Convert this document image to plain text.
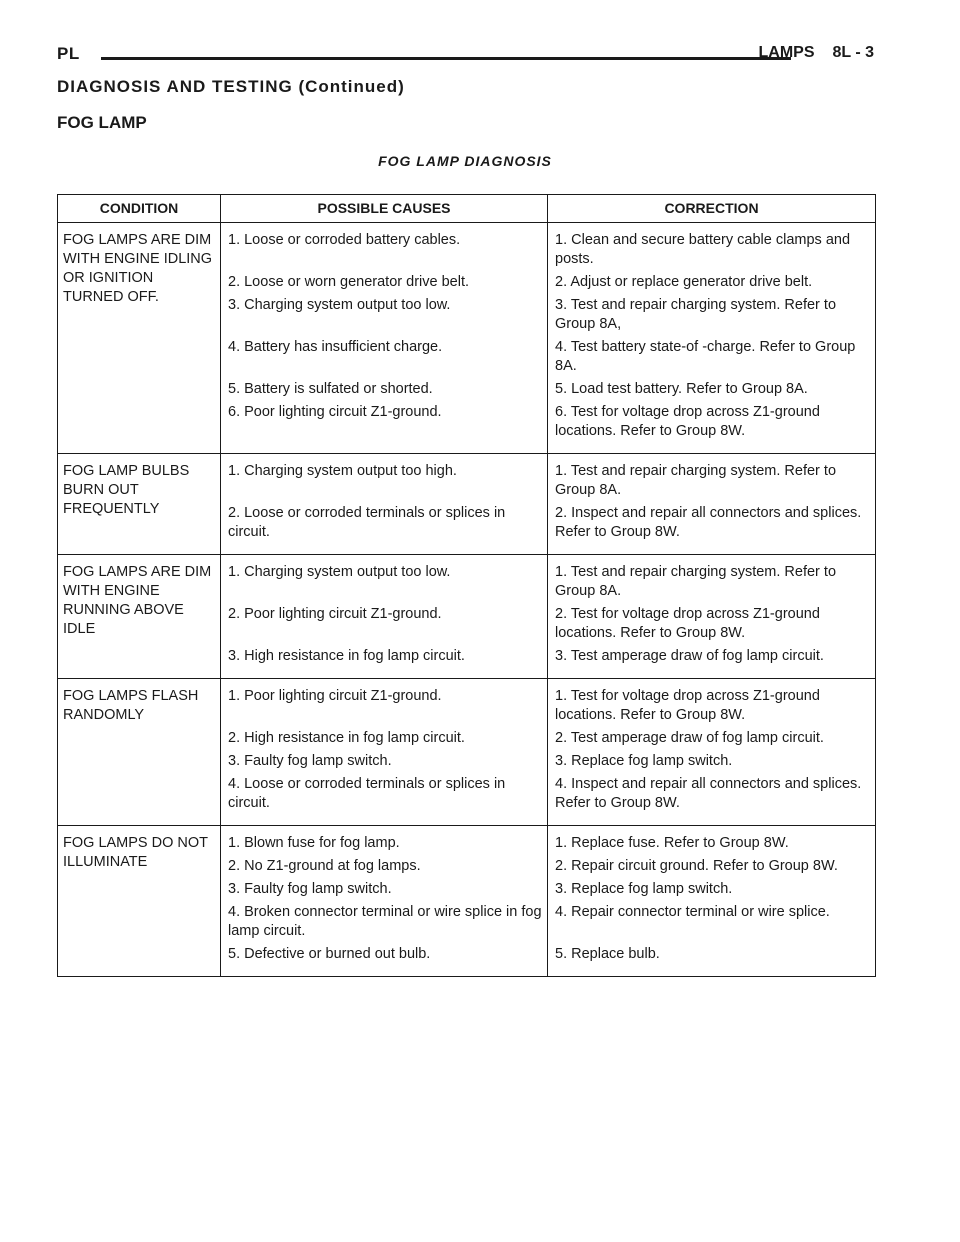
PL	LAMPS 8L - 3
DIAGNOSIS AND TESTING (Continued)
FOG LAMP
FOG LAMP DIAGNOSIS
CONDITION	POSSIBLE CAUSES	CORRECTION
FOG LAMPS ARE DIM WITH ENGINE IDLING OR IGNITION TURNED OFF.	1. Loose or corroded battery cables.	1. Clean and secure battery cable clamps and posts.
	2. Loose or worn generator drive belt.	2. Adjust or replace generator drive belt.
	3. Charging system output too low.	3. Test and repair charging system. Refer to Group 8A,
	4. Battery has insufficient charge.	4. Test battery state-of -charge. Refer to Group 8A.
	5. Battery is sulfated or shorted.	5. Load test battery. Refer to Group 8A.
	6. Poor lighting circuit Z1-ground.	6. Test for voltage drop across Z1-ground locations. Refer to Group 8W.
FOG LAMP BULBS BURN OUT FREQUENTLY	1. Charging system output too high.	1. Test and repair charging system. Refer to Group 8A.
	2. Loose or corroded terminals or splices in circuit.	2. Inspect and repair all connectors and splices. Refer to Group 8W.
FOG LAMPS ARE DIM WITH ENGINE RUNNING ABOVE IDLE	1. Charging system output too low.	1. Test and repair charging system. Refer to Group 8A.
	2. Poor lighting circuit Z1-ground.	2. Test for voltage drop across Z1-ground locations. Refer to Group 8W.
	3. High resistance in fog lamp circuit.	3. Test amperage draw of fog lamp circuit.
FOG LAMPS FLASH RANDOMLY	1. Poor lighting circuit Z1-ground.	1. Test for voltage drop across Z1-ground locations. Refer to Group 8W.
	2. High resistance in fog lamp circuit.	2. Test amperage draw of fog lamp circuit.
	3. Faulty fog lamp switch.	3. Replace fog lamp switch.
	4. Loose or corroded terminals or splices in circuit.	4. Inspect and repair all connectors and splices. Refer to Group 8W.
FOG LAMPS DO NOT ILLUMINATE	1. Blown fuse for fog lamp.	1. Replace fuse. Refer to Group 8W.
	2. No Z1-ground at fog lamps.	2. Repair circuit ground. Refer to Group 8W.
	3. Faulty fog lamp switch.	3. Replace fog lamp switch.
	4. Broken connector terminal or wire splice in fog lamp circuit.	4. Repair connector terminal or wire splice.
	5. Defective or burned out bulb.	5. Replace bulb.
